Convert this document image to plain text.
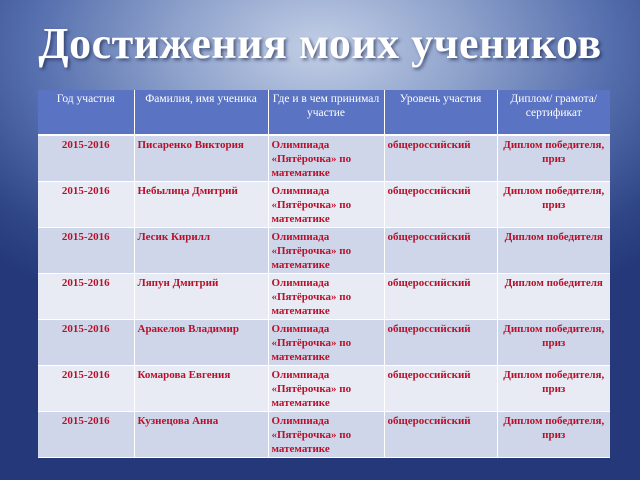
Достижения моих учеников
Год участия	Фамилия, имя ученика	Где и в чем принимал участие	Уровень участия	Диплом/ грамота/ сертификат
2015-2016	Писаренко Виктория	Олимпиада «Пятёрочка» по математике	общероссийский	Диплом победителя, приз
2015-2016	Небылица Дмитрий	Олимпиада «Пятёрочка» по математике	общероссийский	Диплом победителя, приз
2015-2016	Лесик Кирилл	Олимпиада «Пятёрочка» по математике	общероссийский	Диплом победителя
2015-2016	Ляпун Дмитрий	Олимпиада «Пятёрочка» по математике	общероссийский	Диплом победителя
2015-2016	Аракелов Владимир	Олимпиада «Пятёрочка» по математике	общероссийский	Диплом победителя, приз
2015-2016	Комарова Евгения	Олимпиада «Пятёрочка» по математике	общероссийский	Диплом победителя, приз
2015-2016	Кузнецова Анна	Олимпиада «Пятёрочка» по математике	общероссийский	Диплом победителя, приз
